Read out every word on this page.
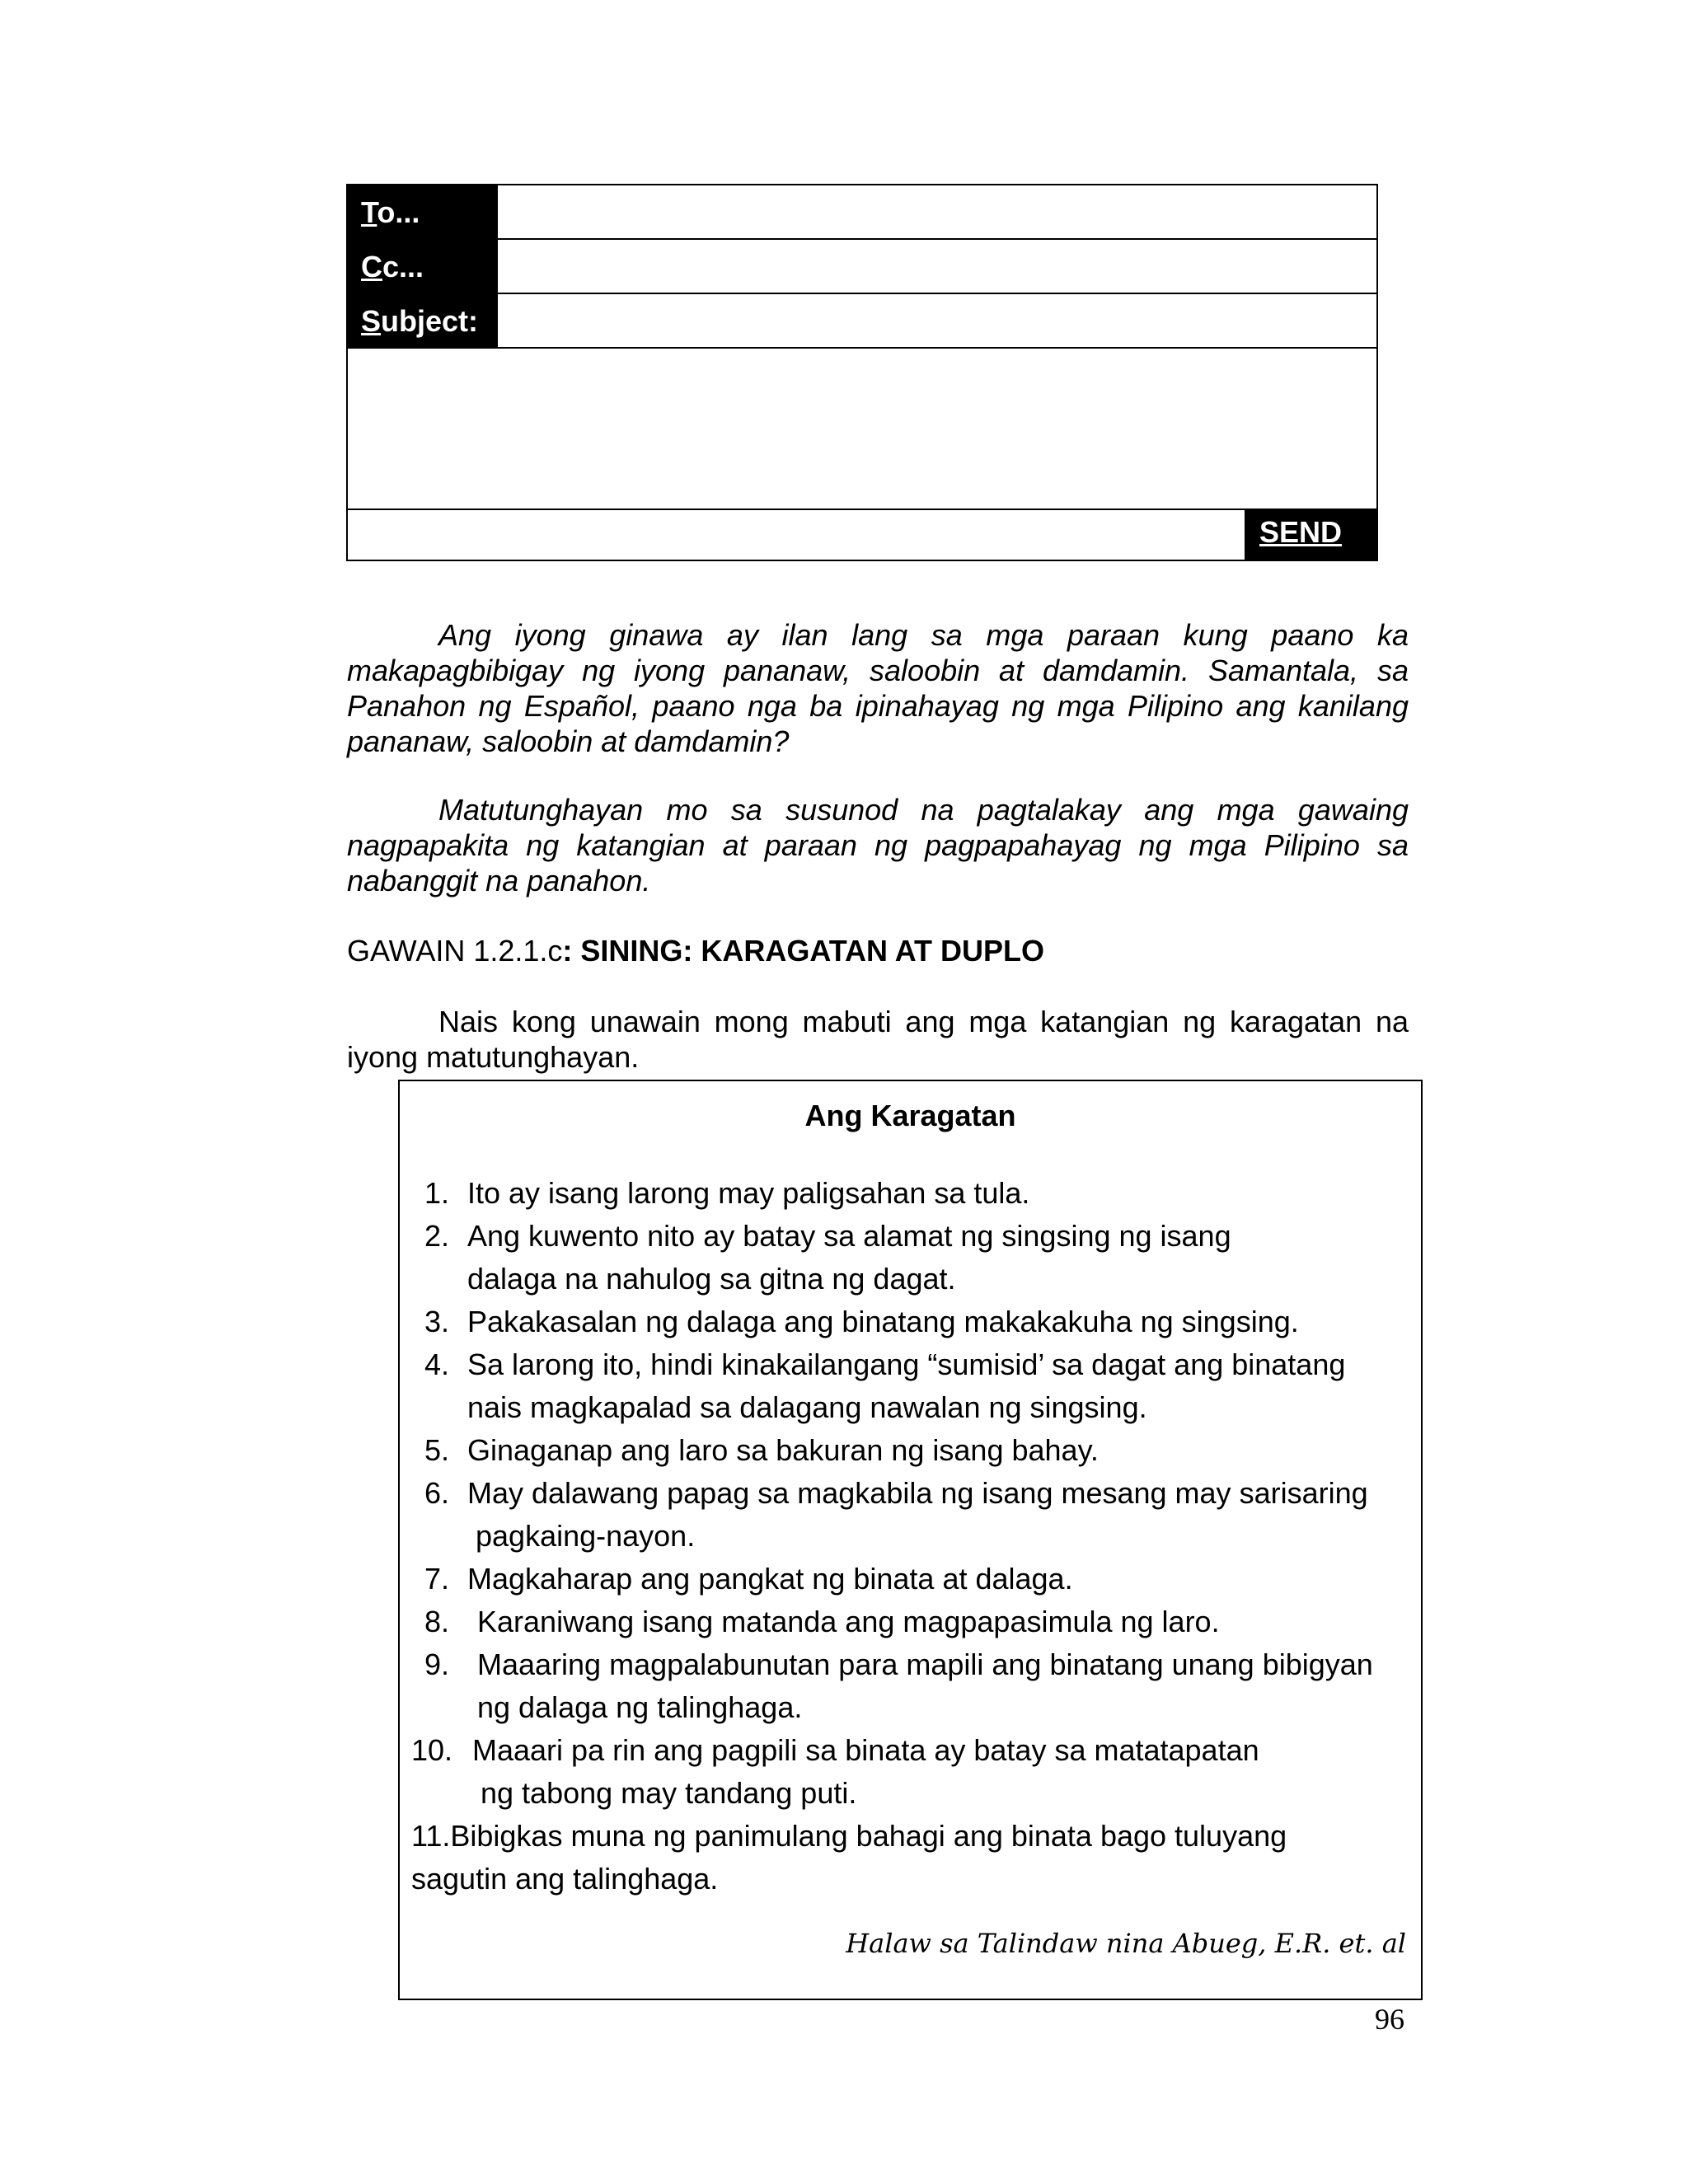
To...
Cc...
Subject:
SEND
Ang iyong ginawa ay ilan lang sa mga paraan kung paano ka makapagbibigay ng iyong pananaw, saloobin at damdamin. Samantala, sa Panahon ng Español, paano nga ba ipinahayag ng mga Pilipino ang kanilang pananaw, saloobin at damdamin?
Matutunghayan mo sa susunod na pagtalakay ang mga gawaing nagpapakita ng katangian at paraan ng pagpapahayag ng mga Pilipino sa nabanggit na panahon.
GAWAIN 1.2.1.c: SINING: KARAGATAN AT DUPLO
Nais kong unawain mong mabuti ang mga katangian ng karagatan na iyong matutunghayan.
Ang Karagatan
1. Ito ay isang larong may paligsahan sa tula.
2. Ang kuwento nito ay batay sa alamat ng singsing ng isang
dalaga na nahulog sa gitna ng dagat.
3. Pakakasalan ng dalaga ang binatang makakakuha ng singsing.
4. Sa larong ito, hindi kinakailangang “sumisid’ sa dagat ang binatang
nais magkapalad sa dalagang nawalan ng singsing.
5. Ginaganap ang laro sa bakuran ng isang bahay.
6. May dalawang papag sa magkabila ng isang mesang may sarisaring
pagkaing-nayon.
7. Magkaharap ang pangkat ng binata at dalaga.
8. Karaniwang isang matanda ang magpapasimula ng laro.
9. Maaaring magpalabunutan para mapili ang binatang unang bibigyan
ng dalaga ng talinghaga.
10. Maaari pa rin ang pagpili sa binata ay batay sa matatapatan
ng tabong may tandang puti.
11.Bibigkas muna ng panimulang bahagi ang binata bago tuluyang
sagutin ang talinghaga.
Halaw sa Talindaw nina Abueg, E.R. et. al
96
